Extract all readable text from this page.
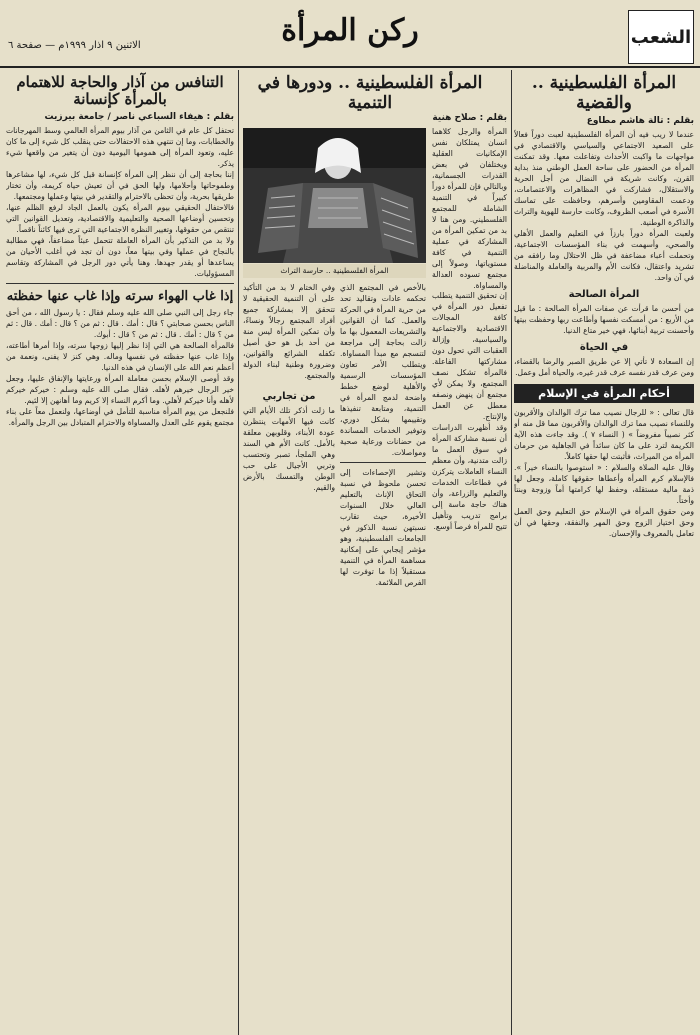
الاثنين ٩ اذار ١٩٩٩م — صفحة ٦	ركن المرأة	الشعب
المرأة الفلسطينية .. والقضية
بقلم : تالة هاشم مطاوع

عندما لا ريب فيه أن المرأة الفلسطينية لعبت دوراً فعالاً على الصعيد الاجتماعي والسياسي والاقتصادي في مواجهات ما واكبت الأحداث وتفاعلت معها. وقد تمكنت المرأة من الحضور على ساحة العمل الوطني منذ بداية القرن، وكانت شريكة في النضال من أجل الحرية والاستقلال، فشاركت في المظاهرات والاعتصامات، ودعمت المقاومين وأسرهم، وحافظت على تماسك الأسرة في أصعب الظروف، وكانت حارسة للهوية والتراث والذاكرة الوطنية.

ولعبت المرأة دوراً بارزاً في التعليم والعمل الأهلي والصحي، وأسهمت في بناء المؤسسات الاجتماعية، وتحملت أعباء مضاعفة في ظل الاحتلال وما رافقه من تشريد واعتقال، فكانت الأم والمربية والعاملة والمناضلة في آن واحد.

المرأة الصالحة

من أحسن ما قرأت عن صفات المرأة الصالحة : ما قيل من الأربع : من أمسكت نفسها وأطاعت ربها وحفظت بيتها وأحسنت تربية أبنائها، فهي خير متاع الدنيا.

في الحياة

إن السعادة لا تأتي إلا عن طريق الصبر والرضا بالقضاء، ومن عرف قدر نفسه عرف قدر غيره، والحياة أمل وعمل.

أحكام المرأة في الإسلام

قال تعالى : « للرجال نصيب مما ترك الوالدان والأقربون وللنساء نصيب مما ترك الوالدان والأقربون مما قل منه أو كثر نصيباً مفروضاً » ( النساء ٧ ). وقد جاءت هذه الآية الكريمة لترد على ما كان سائداً في الجاهلية من حرمان المرأة من الميراث، فأثبتت لها حقها كاملاً.

وقال عليه الصلاة والسلام : « استوصوا بالنساء خيراً ». فالإسلام كرم المرأة وأعطاها حقوقها كاملة، وجعل لها ذمة مالية مستقلة، وحفظ لها كرامتها أماً وزوجة وبنتاً وأختاً.

ومن حقوق المرأة في الإسلام حق التعليم وحق العمل وحق اختيار الزوج وحق المهر والنفقة، وحقها في أن تعامل بالمعروف والإحسان.

المرأة الفلسطينية .. ودورها في التنمية
بقلم : صلاح هنية

المرأة والرجل كلاهما انسان يمتلكان نفس الإمكانيات العقلية ويختلفان في بعض القدرات الجسمانية، وبالتالي فإن للمرأة دوراً كبيراً في التنمية الشاملة للمجتمع الفلسطيني. ومن هنا لا بد من تمكين المرأة من المشاركة في عملية التنمية في كافة مستوياتها، وصولاً إلى مجتمع تسوده العدالة والمساواة.

المرأة الفلسطينية .. حارسة التراث

إن تحقيق التنمية يتطلب تفعيل دور المرأة في كافة المجالات الاقتصادية والاجتماعية والسياسية، وإزالة العقبات التي تحول دون مشاركتها الفاعلة. فالمرأة تشكل نصف المجتمع، ولا يمكن لأي مجتمع أن ينهض ونصفه معطل عن العمل والإنتاج.

وقد أظهرت الدراسات أن نسبة مشاركة المرأة في سوق العمل ما زالت متدنية، وأن معظم النساء العاملات يتركزن في قطاعات الخدمات والتعليم والزراعة، وأن هناك حاجة ماسة إلى برامج تدريب وتأهيل تتيح للمرأة فرصاً أوسع.

بالأخص في المجتمع الذي تحكمه عادات وتقاليد تحد من حرية المرأة في الحركة والعمل. كما أن القوانين والتشريعات المعمول بها ما زالت بحاجة إلى مراجعة لتنسجم مع مبدأ المساواة. ويتطلب الأمر تعاون المؤسسات الرسمية والأهلية لوضع خطط واضحة لدمج المرأة في التنمية، ومتابعة تنفيذها وتقييمها بشكل دوري، وتوفير الخدمات المساندة من حضانات ورعاية صحية ومواصلات.

وتشير الإحصاءات إلى تحسن ملحوظ في نسبة التحاق الإناث بالتعليم العالي خلال السنوات الأخيرة، حيث تقارب نسبتهن نسبة الذكور في الجامعات الفلسطينية، وهو مؤشر إيجابي على إمكانية مساهمة المرأة في التنمية مستقبلاً إذا ما توفرت لها الفرص الملائمة.

وفي الختام لا بد من التأكيد على أن التنمية الحقيقية لا تتحقق إلا بمشاركة جميع أفراد المجتمع رجالاً ونساءً، وأن تمكين المرأة ليس منة من أحد بل هو حق أصيل تكفله الشرائع والقوانين، وضرورة وطنية لبناء الدولة والمجتمع.

من تجاربي

ما زلت أذكر تلك الأيام التي كانت فيها الأمهات ينتظرن عودة الأبناء، وقلوبهن معلقة بالأمل. كانت الأم هي السند وهي الملجأ، تصبر وتحتسب وتربي الأجيال على حب الوطن والتمسك بالأرض والقيم.

التنافس من آذار والحاجة للاهتمام بالمرأة كإنسانة
بقلم : هيفاء السباعي ناصر / جامعة بيرزيت

تحتفل كل عام في الثامن من آذار بيوم المرأة العالمي وسط المهرجانات والخطابات، وما إن تنتهي هذه الاحتفالات حتى ينقلب كل شيء إلى ما كان عليه، وتعود المرأة إلى همومها اليومية دون أن يتغير من واقعها شيء يذكر.

إننا بحاجة إلى أن ننظر إلى المرأة كإنسانة قبل كل شيء، لها مشاعرها وطموحاتها وأحلامها، ولها الحق في أن تعيش حياة كريمة، وأن تختار طريقها بحرية، وأن تحظى بالاحترام والتقدير في بيتها وعملها ومجتمعها.

فالاحتفال الحقيقي بيوم المرأة يكون بالعمل الجاد لرفع الظلم عنها، وتحسين أوضاعها الصحية والتعليمية والاقتصادية، وتعديل القوانين التي تنتقص من حقوقها، وتغيير النظرة الاجتماعية التي ترى فيها كائناً ناقصاً.

ولا بد من التذكير بأن المرأة العاملة تتحمل عبئاً مضاعفاً، فهي مطالبة بالنجاح في عملها وفي بيتها معاً، دون أن تجد في أغلب الأحيان من يساعدها أو يقدر جهدها. وهنا يأتي دور الرجل في المشاركة وتقاسم المسؤوليات.

إذا غاب الهواء سرته وإذا غاب عنها حفظته

جاء رجل إلى النبي صلى الله عليه وسلم فقال : يا رسول الله ، من أحق الناس بحسن صحابتي ؟ قال : أمك . قال : ثم من ؟ قال : أمك . قال : ثم من ؟ قال : أمك . قال : ثم من ؟ قال : أبوك.

فالمرأة الصالحة هي التي إذا نظر إليها زوجها سرته، وإذا أمرها أطاعته، وإذا غاب عنها حفظته في نفسها وماله. وهي كنز لا يفنى، ونعمة من أعظم نعم الله على الإنسان في هذه الدنيا.

وقد أوصى الإسلام بحسن معاملة المرأة ورعايتها والإنفاق عليها، وجعل خير الرجال خيرهم لأهله. فقال صلى الله عليه وسلم : خيركم خيركم لأهله وأنا خيركم لأهلي. وما أكرم النساء إلا كريم وما أهانهن إلا لئيم.

فلنجعل من يوم المرأة مناسبة للتأمل في أوضاعها، ولنعمل معاً على بناء مجتمع يقوم على العدل والمساواة والاحترام المتبادل بين الرجل والمرأة.
